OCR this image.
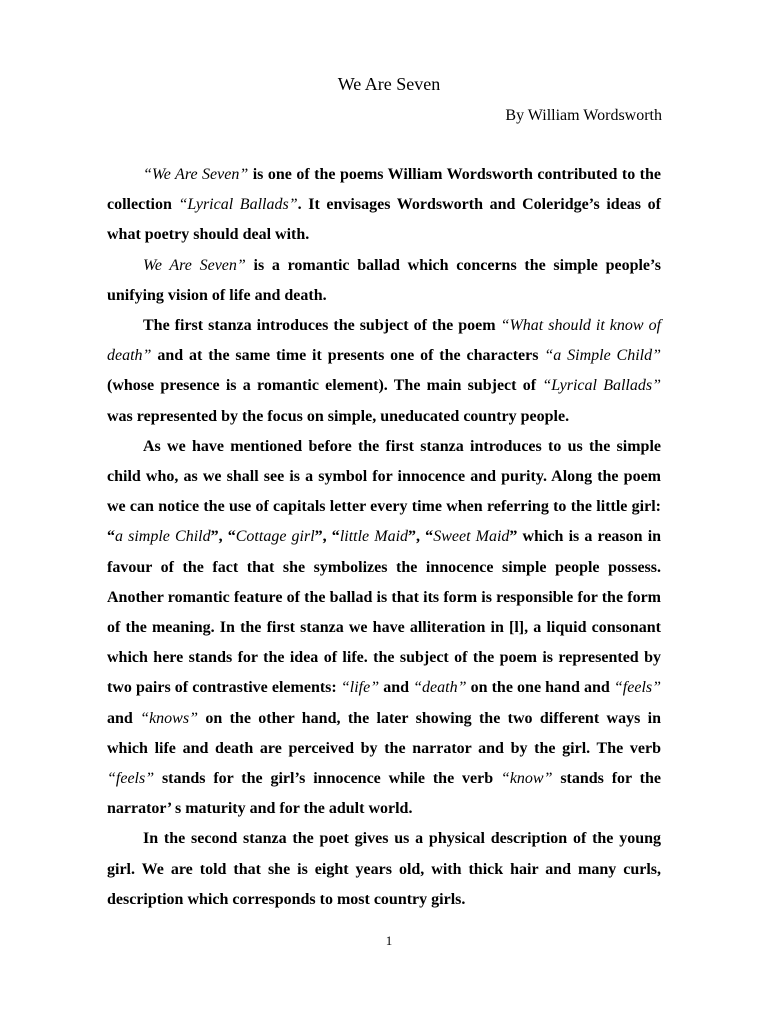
We Are Seven
By William Wordsworth

“We Are Seven” is one of the poems William Wordsworth contributed to the collection “Lyrical Ballads”. It envisages Wordsworth and Coleridge’s ideas of what poetry should deal with.

We Are Seven” is a romantic ballad which concerns the simple people’s unifying vision of life and death.

The first stanza introduces the subject of the poem “What should it know of death” and at the same time it presents one of the characters “a Simple Child” (whose presence is a romantic element). The main subject of “Lyrical Ballads” was represented by the focus on simple, uneducated country people.

As we have mentioned before the first stanza introduces to us the simple child who, as we shall see is a symbol for innocence and purity. Along the poem we can notice the use of capitals letter every time when referring to the little girl: “a simple Child”, “Cottage girl”, “little Maid”, “Sweet Maid” which is a reason in favour of the fact that she symbolizes the innocence simple people possess. Another romantic feature of the ballad is that its form is responsible for the form of the meaning. In the first stanza we have alliteration in [l], a liquid consonant which here stands for the idea of life. the subject of the poem is represented by two pairs of contrastive elements: “life” and “death” on the one hand and “feels” and “knows” on the other hand, the later showing the two different ways in which life and death are perceived by the narrator and by the girl. The verb “feels” stands for the girl’s innocence while the verb “know” stands for the narrator’ s maturity and for the adult world.

In the second stanza the poet gives us a physical description of the young girl. We are told that she is eight years old, with thick hair and many curls, description which corresponds to most country girls.

1
